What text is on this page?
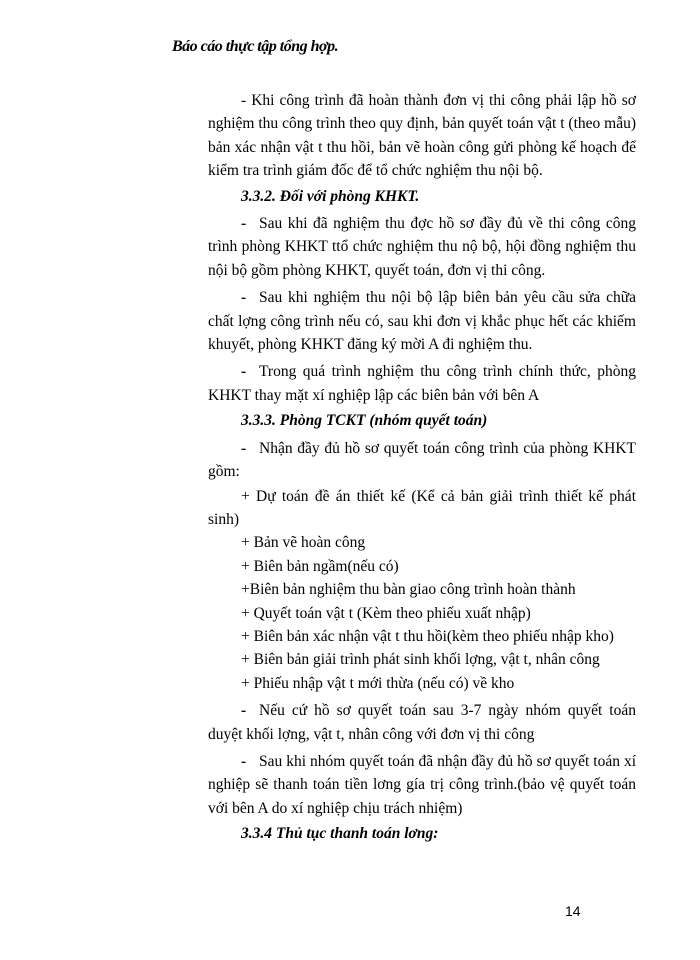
Báo cáo thực tập tổng hợp.

- Khi công trình đã hoàn thành đơn vị thi công phải lập hồ sơ nghiệm thu công trình theo quy định, bản quyết toán vật t (theo mẫu) bản xác nhận vật t thu hồi, bản vẽ hoàn công gửi phòng kế hoạch để kiểm tra trình giám đốc để tổ chức nghiệm thu nội bộ.

3.3.2. Đối với phòng KHKT.

- Sau khi đã nghiệm thu đợc hồ sơ đầy đủ về thi công công trình phòng KHKT ttổ chức nghiệm thu nộ bộ, hội đồng nghiệm thu nội bộ gồm phòng KHKT, quyết toán, đơn vị thi công.

- Sau khi nghiệm thu nội bộ lập biên bản yêu cầu sửa chữa chất lợng công trình nếu có, sau khi đơn vị khắc phục hết các khiếm khuyết, phòng KHKT đăng ký mời A đi nghiệm thu.

- Trong quá trình nghiệm thu công trình chính thức, phòng KHKT thay mặt xí nghiệp lập các biên bản với bên A

3.3.3. Phòng TCKT (nhóm quyết toán)

- Nhận đầy đủ hồ sơ quyết toán công trình của phòng KHKT gồm:

+ Dự toán đề án thiết kế (Kể cả bản giải trình thiết kế phát sinh)

+ Bản vẽ hoàn công

+ Biên bản ngầm(nếu có)

+Biên bản nghiệm thu bàn giao công trình hoàn thành

+ Quyết toán vật t (Kèm theo phiếu xuất nhập)

+ Biên bản xác nhận vật t thu hồi(kèm theo phiếu nhập kho)

+ Biên bản giải trình phát sinh khối lợng, vật t, nhân công

+ Phiếu nhập vật t mới thừa (nếu có) về kho

- Nếu cứ hồ sơ quyết toán sau 3-7 ngày nhóm quyết toán duyệt khối lợng, vật t, nhân công với đơn vị thi công

- Sau khi nhóm quyết toán đã nhận đầy đủ hồ sơ quyết toán xí nghiệp sẽ thanh toán tiền lơng gía trị công trình.(bảo vệ quyết toán với bên A do xí nghiệp chịu trách nhiệm)

3.3.4 Thủ tục thanh toán lơng:

14
